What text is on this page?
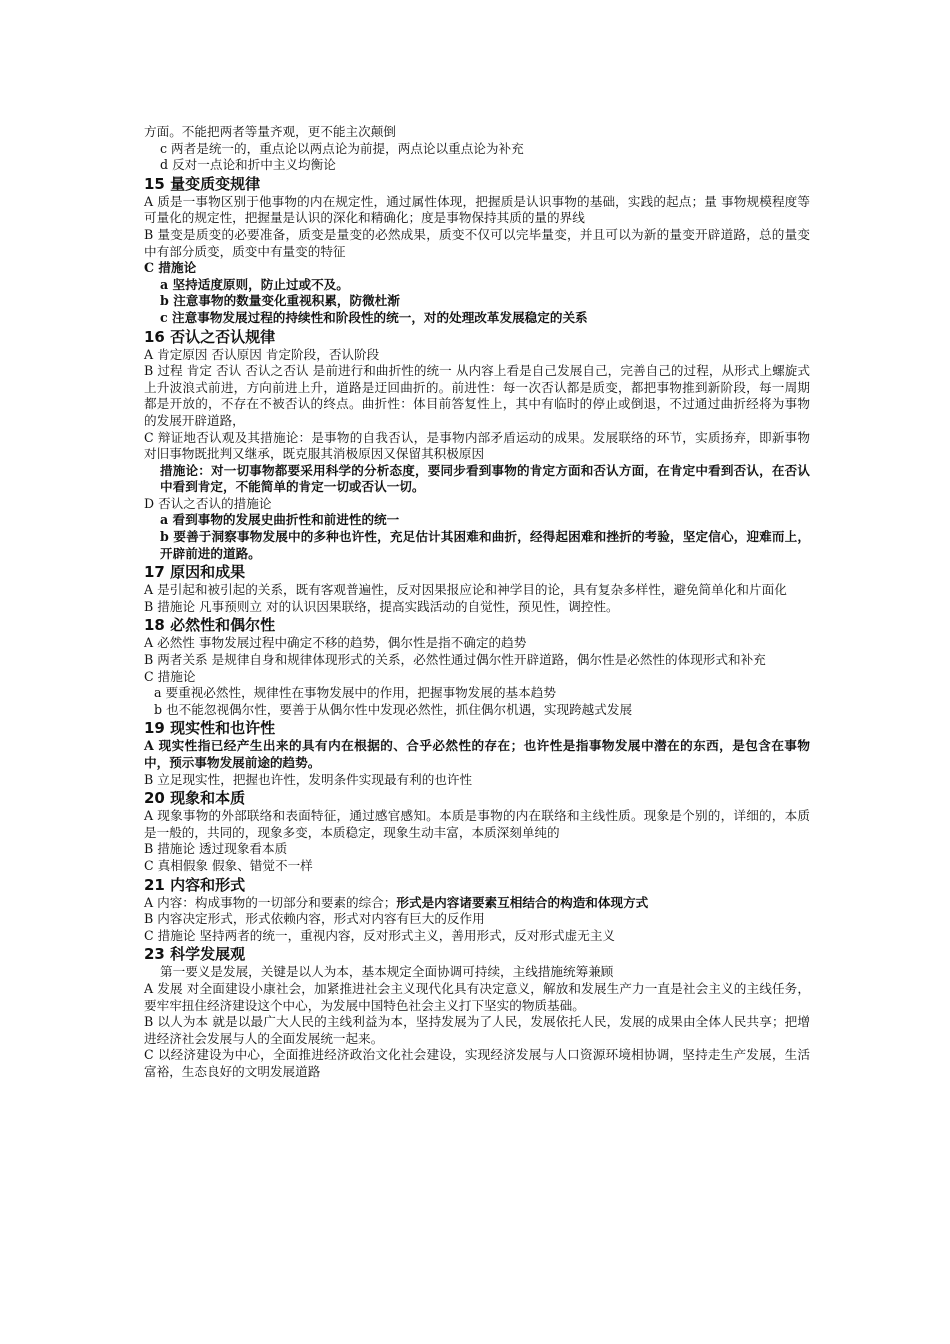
方面。不能把两者等量齐观，更不能主次颠倒

c 两者是统一的，重点论以两点论为前提，两点论以重点论为补充

d 反对一点论和折中主义均衡论

15 量变质变规律

A 质是一事物区别于他事物的内在规定性，通过属性体现，把握质是认识事物的基础，实践的起点；量 事物规模程度等可量化的规定性，把握量是认识的深化和精确化；度是事物保持其质的量的界线

B 量变是质变的必要准备，质变是量变的必然成果，质变不仅可以完毕量变，并且可以为新的量变开辟道路，总的量变中有部分质变，质变中有量变的特征

C 措施论

a 坚持适度原则，防止过或不及。

b 注意事物的数量变化重视积累，防微杜渐

c 注意事物发展过程的持续性和阶段性的统一，对的处理改革发展稳定的关系

16 否认之否认规律

A 肯定原因 否认原因 肯定阶段，否认阶段

B 过程 肯定 否认 否认之否认 是前进行和曲折性的统一 从内容上看是自己发展自己，完善自己的过程，从形式上螺旋式上升波浪式前进，方向前进上升，道路是迂回曲折的。前进性：每一次否认都是质变，都把事物推到新阶段，每一周期都是开放的，不存在不被否认的终点。曲折性：体目前答复性上，其中有临时的停止或倒退，不过通过曲折经将为事物的发展开辟道路，

C 辩证地否认观及其措施论：是事物的自我否认，是事物内部矛盾运动的成果。发展联络的环节，实质扬弃，即新事物对旧事物既批判又继承，既克服其消极原因又保留其积极原因

措施论：对一切事物都要采用科学的分析态度，要同步看到事物的肯定方面和否认方面，在肯定中看到否认，在否认中看到肯定，不能简单的肯定一切或否认一切。

D 否认之否认的措施论

a 看到事物的发展史曲折性和前进性的统一

b 要善于洞察事物发展中的多种也许性，充足估计其困难和曲折，经得起困难和挫折的考验，坚定信心，迎难而上，开辟前进的道路。

17 原因和成果

A 是引起和被引起的关系，既有客观普遍性，反对因果报应论和神学目的论，具有复杂多样性，避免简单化和片面化

B 措施论 凡事预则立 对的认识因果联络，提高实践活动的自觉性，预见性，调控性。

18 必然性和偶尔性

A 必然性 事物发展过程中确定不移的趋势，偶尔性是指不确定的趋势

B 两者关系 是规律自身和规律体现形式的关系，必然性通过偶尔性开辟道路，偶尔性是必然性的体现形式和补充

C 措施论

a 要重视必然性，规律性在事物发展中的作用，把握事物发展的基本趋势

b 也不能忽视偶尔性，要善于从偶尔性中发现必然性，抓住偶尔机遇，实现跨越式发展

19 现实性和也许性

A 现实性指已经产生出来的具有内在根据的、合乎必然性的存在；也许性是指事物发展中潜在的东西，是包含在事物中，预示事物发展前途的趋势。

B 立足现实性，把握也许性，发明条件实现最有利的也许性

20 现象和本质

A 现象事物的外部联络和表面特征，通过感官感知。本质是事物的内在联络和主线性质。现象是个别的，详细的，本质是一般的，共同的，现象多变，本质稳定，现象生动丰富，本质深刻单纯的

B 措施论 透过现象看本质

C 真相假象 假象、错觉不一样

21 内容和形式

A 内容：构成事物的一切部分和要素的综合；形式是内容诸要素互相结合的构造和体现方式

B 内容决定形式，形式依赖内容，形式对内容有巨大的反作用

C 措施论 坚持两者的统一，重视内容，反对形式主义，善用形式，反对形式虚无主义

23 科学发展观

第一要义是发展，关键是以人为本，基本规定全面协调可持续，主线措施统筹兼顾

A 发展 对全面建设小康社会，加紧推进社会主义现代化具有决定意义，解放和发展生产力一直是社会主义的主线任务，要牢牢扭住经济建设这个中心，为发展中国特色社会主义打下坚实的物质基础。

B 以人为本 就是以最广大人民的主线利益为本，坚持发展为了人民，发展依托人民，发展的成果由全体人民共享；把增进经济社会发展与人的全面发展统一起来。

C 以经济建设为中心，全面推进经济政治文化社会建设，实现经济发展与人口资源环境相协调，坚持走生产发展，生活富裕，生态良好的文明发展道路
